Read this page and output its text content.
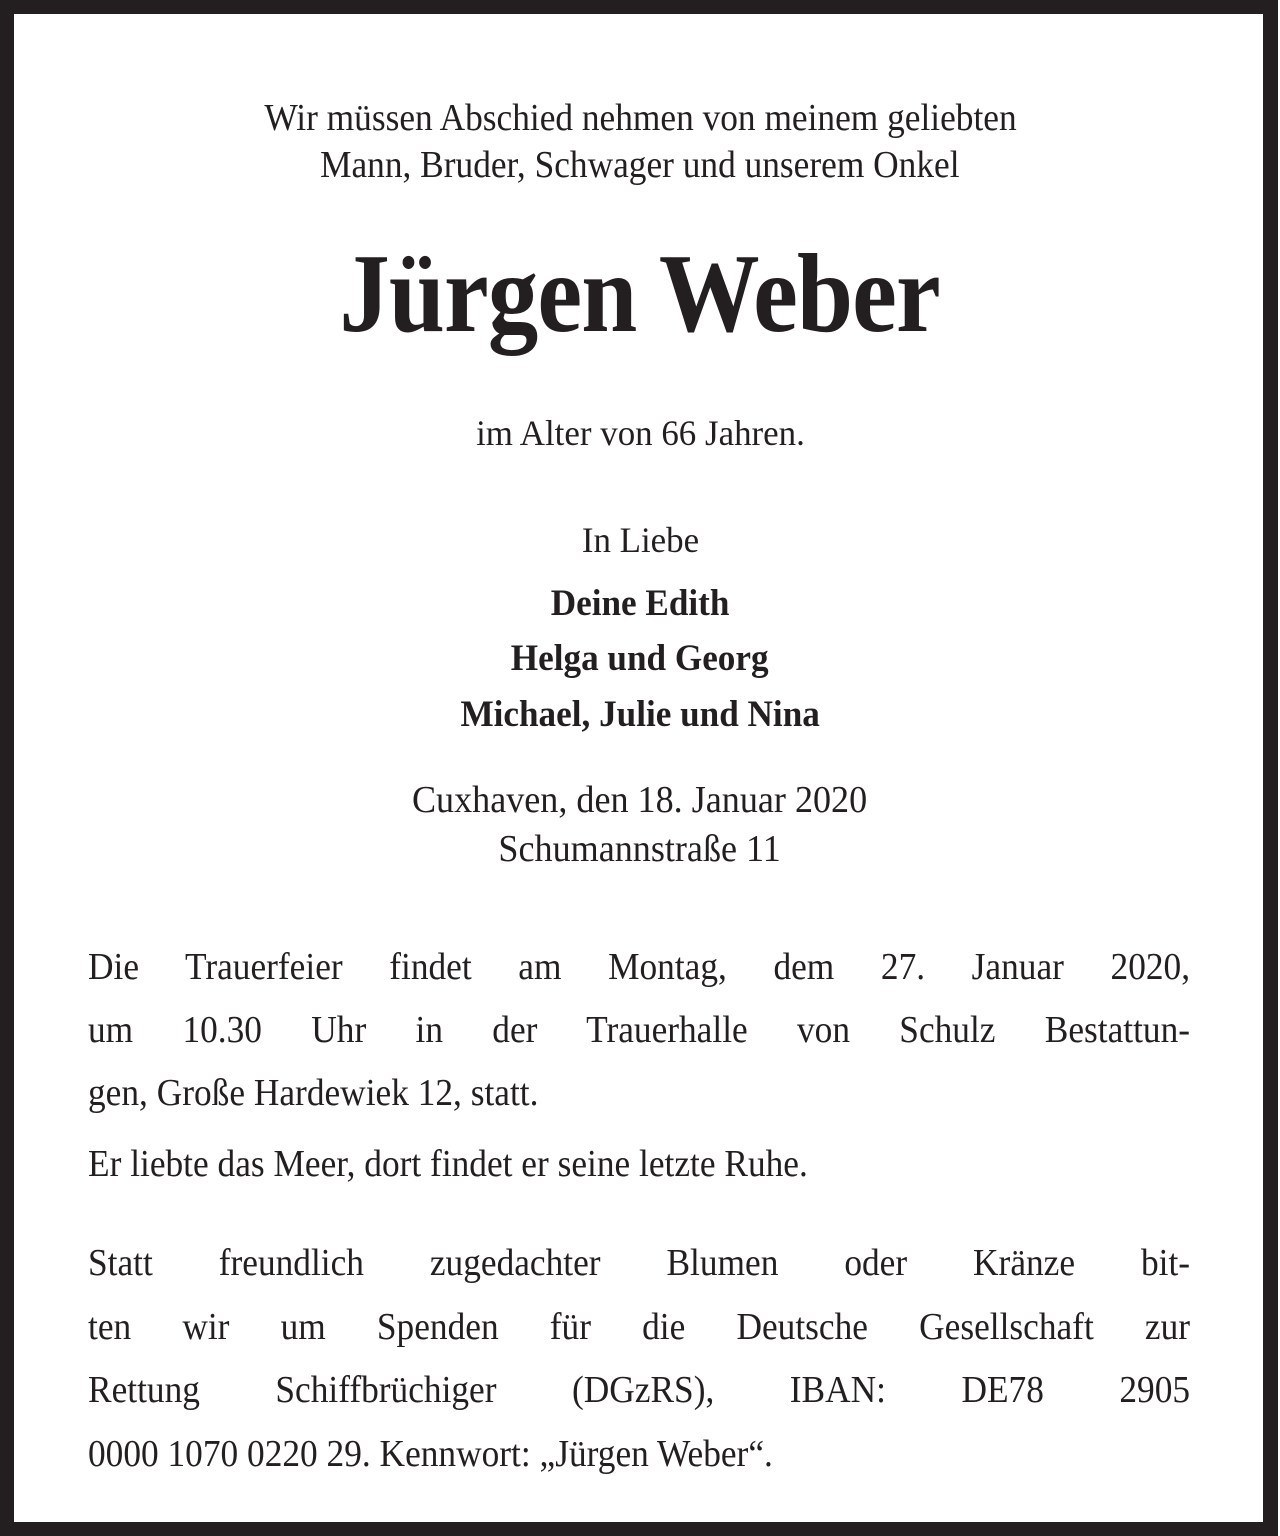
Wir müssen Abschied nehmen von meinem geliebten
Mann, Bruder, Schwager und unserem Onkel
Jürgen Weber
im Alter von 66 Jahren.
In Liebe
Deine Edith
Helga und Georg
Michael, Julie und Nina
Cuxhaven, den 18. Januar 2020
Schumannstraße 11
Die Trauerfeier findet am Montag, dem 27. Januar 2020,
um 10.30 Uhr in der Trauerhalle von Schulz Bestattun-
gen, Große Hardewiek 12, statt.
Er liebte das Meer, dort findet er seine letzte Ruhe.
Statt freundlich zugedachter Blumen oder Kränze bit-
ten wir um Spenden für die Deutsche Gesellschaft zur
Rettung Schiffbrüchiger (DGzRS), IBAN: DE78 2905
0000 1070 0220 29. Kennwort: „Jürgen Weber“.
